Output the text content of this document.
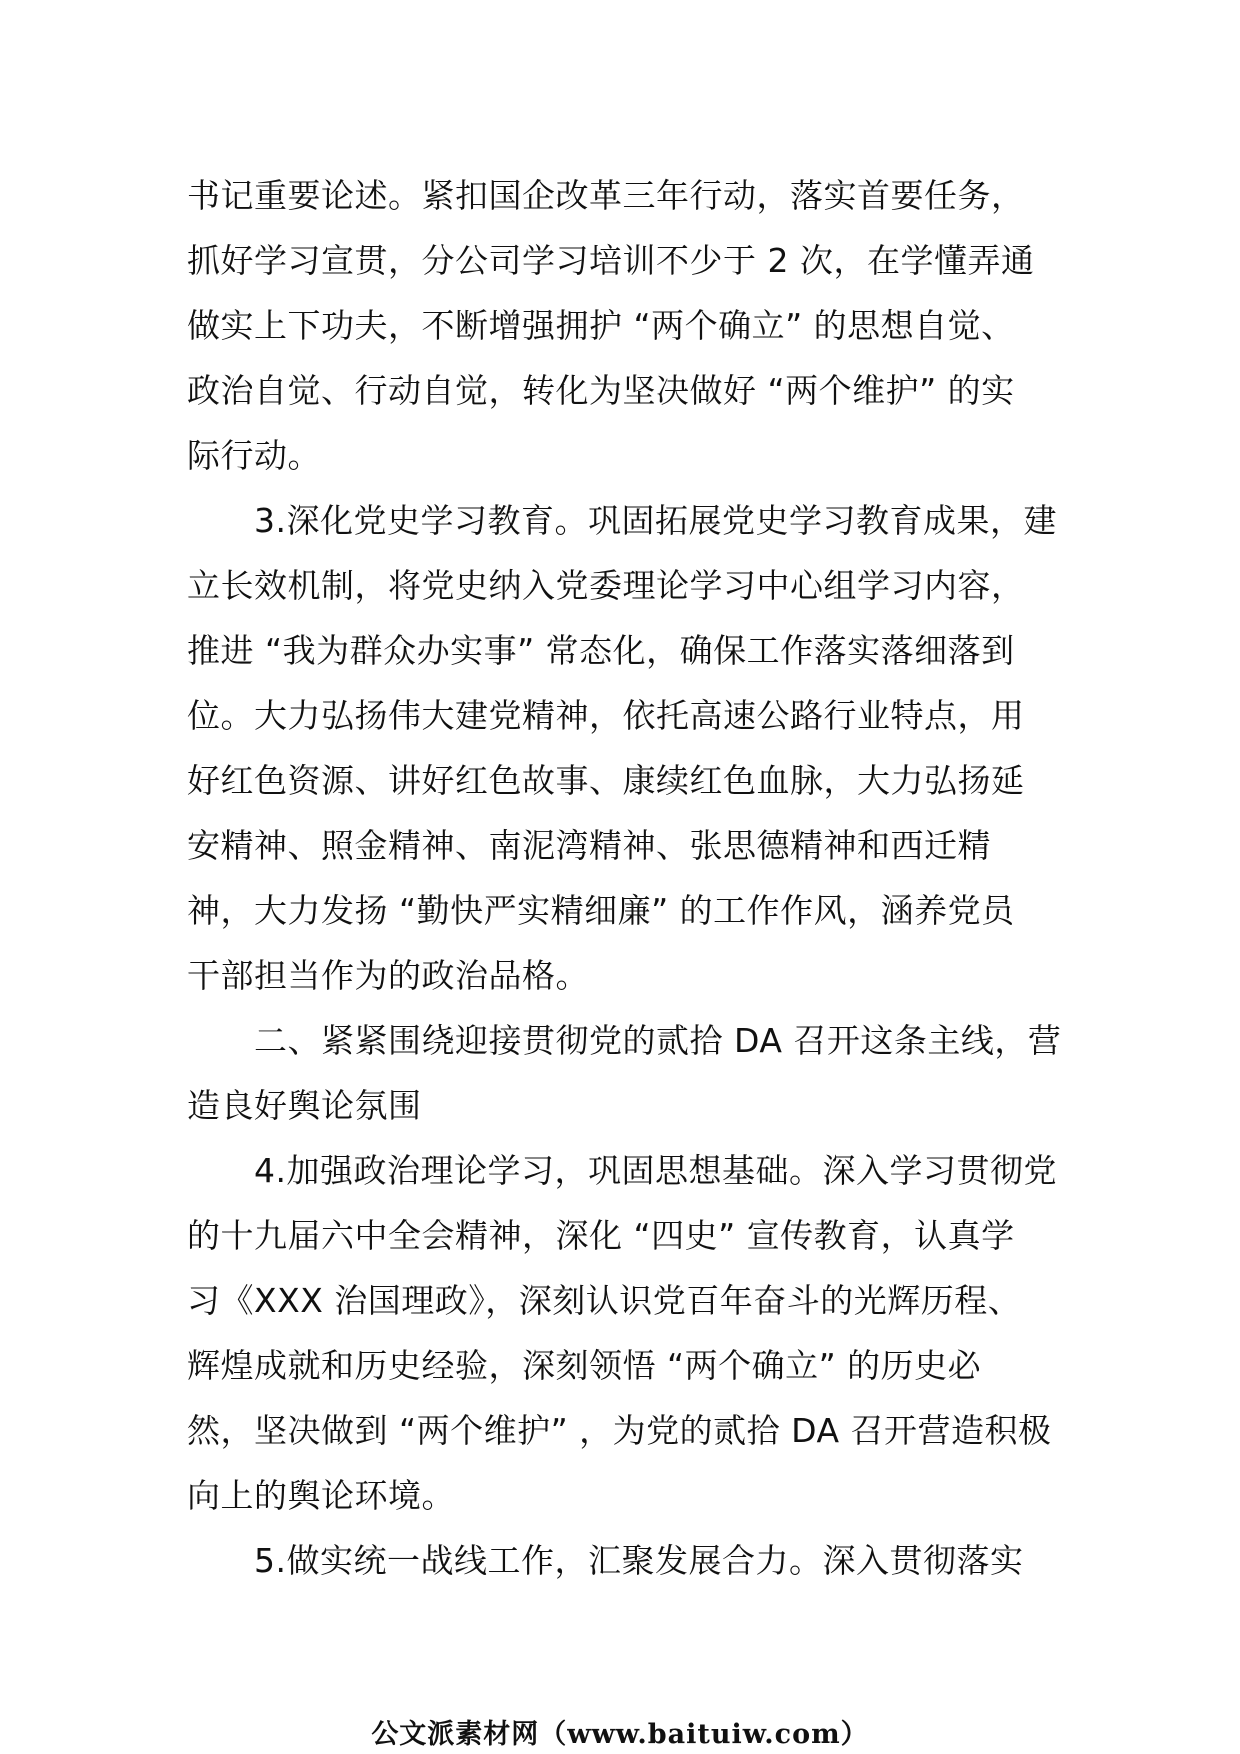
书记重要论述。紧扣国企改革三年行动，落实首要任务，
抓好学习宣贯，分公司学习培训不少于 2 次，在学懂弄通
做实上下功夫，不断增强拥护 “两个确立” 的思想自觉、
政治自觉、行动自觉，转化为坚决做好 “两个维护” 的实
际行动。
　　3.深化党史学习教育。巩固拓展党史学习教育成果，建
立长效机制，将党史纳入党委理论学习中心组学习内容，
推进 “我为群众办实事” 常态化，确保工作落实落细落到
位。大力弘扬伟大建党精神，依托高速公路行业特点，用
好红色资源、讲好红色故事、康续红色血脉，大力弘扬延
安精神、照金精神、南泥湾精神、张思德精神和西迁精
神，大力发扬 “勤快严实精细廉” 的工作作风，涵养党员
干部担当作为的政治品格。
　　二、紧紧围绕迎接贯彻党的贰拾 DA 召开这条主线，营
造良好舆论氛围
　　4.加强政治理论学习，巩固思想基础。深入学习贯彻党
的十九届六中全会精神，深化 “四史” 宣传教育，认真学
习《XXX 治国理政》，深刻认识党百年奋斗的光辉历程、
辉煌成就和历史经验，深刻领悟 “两个确立” 的历史必
然，坚决做到 “两个维护” ，为党的贰拾 DA 召开营造积极
向上的舆论环境。
　　5.做实统一战线工作，汇聚发展合力。深入贯彻落实
公文派素材网（www.baituiw.com）
